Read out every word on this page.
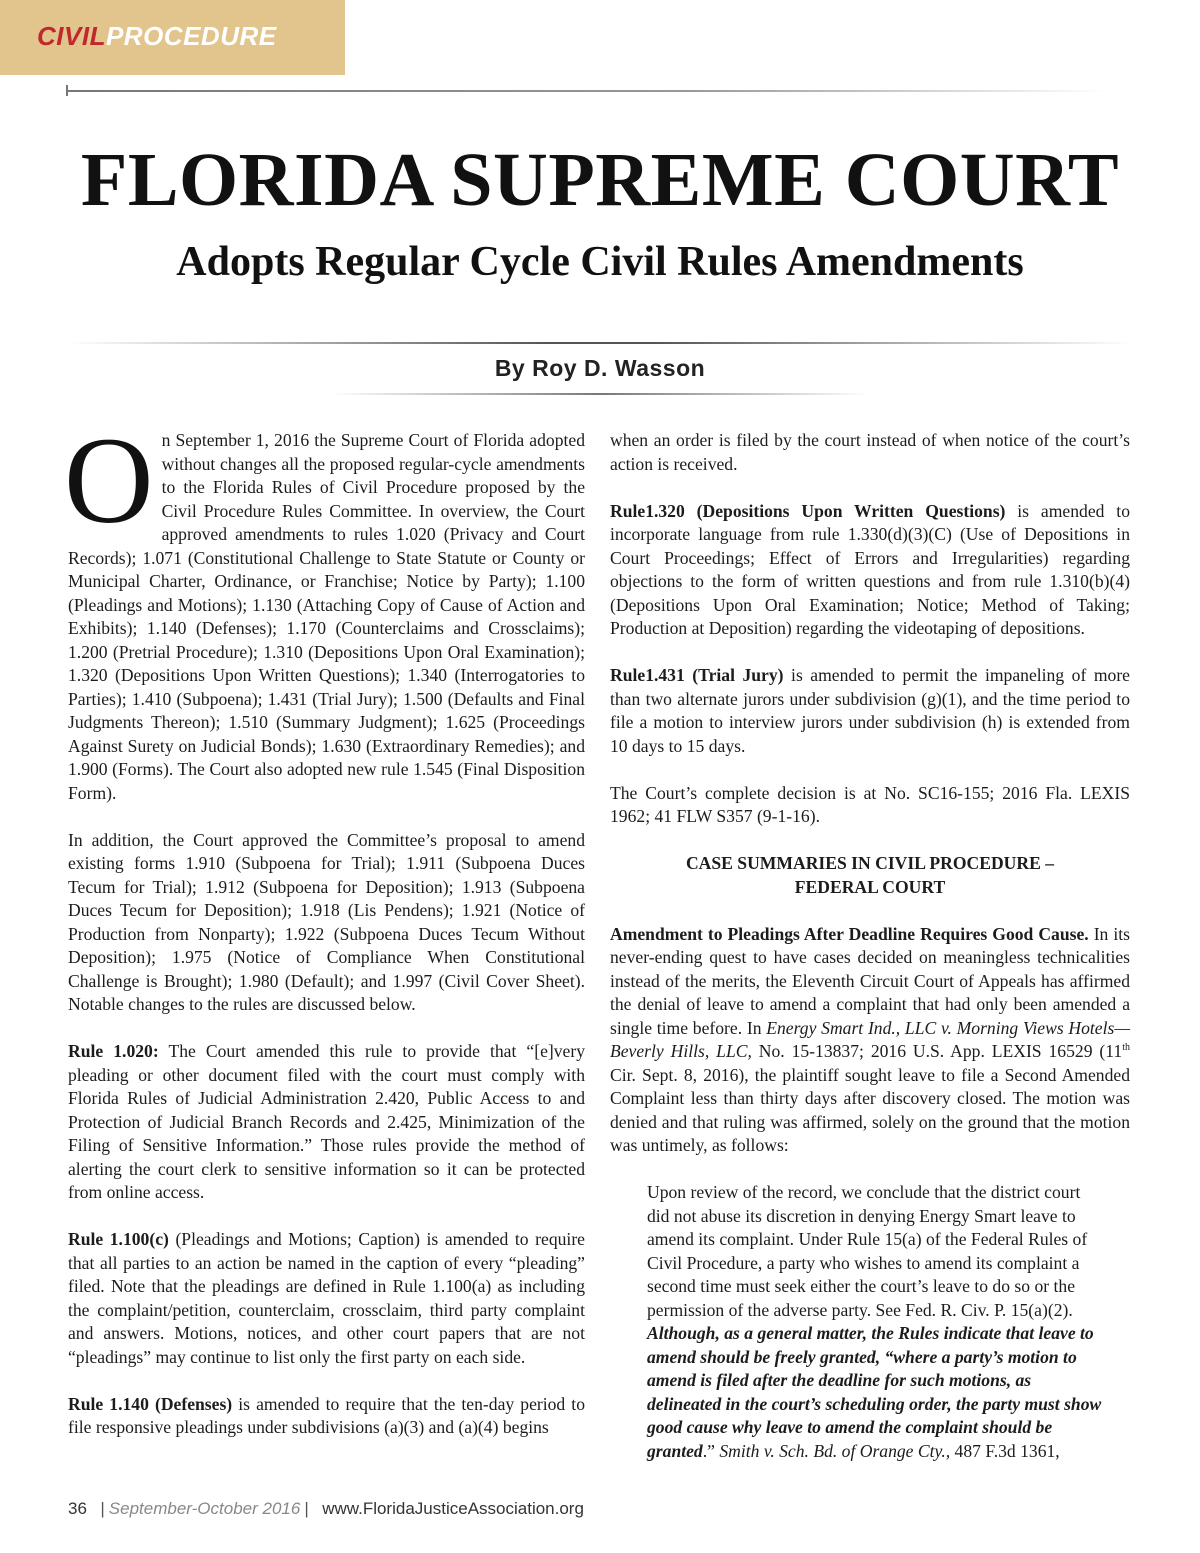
CIVILPROCEDURE

FLORIDA SUPREME COURT
Adopts Regular Cycle Civil Rules Amendments

By Roy D. Wasson

On September 1, 2016 the Supreme Court of Florida adopted without changes all the proposed regular-cycle amendments to the Florida Rules of Civil Procedure proposed by the Civil Procedure Rules Committee. In overview, the Court approved amendments to rules 1.020 (Privacy and Court Records); 1.071 (Constitutional Challenge to State Statute or County or Municipal Charter, Ordinance, or Franchise; Notice by Party); 1.100 (Pleadings and Motions); 1.130 (Attaching Copy of Cause of Action and Exhibits); 1.140 (Defenses); 1.170 (Counterclaims and Crossclaims); 1.200 (Pretrial Procedure); 1.310 (Depositions Upon Oral Examination); 1.320 (Depositions Upon Written Questions); 1.340 (Interrogatories to Parties); 1.410 (Subpoena); 1.431 (Trial Jury); 1.500 (Defaults and Final Judgments Thereon); 1.510 (Summary Judgment); 1.625 (Proceedings Against Surety on Judicial Bonds); 1.630 (Extraordinary Remedies); and 1.900 (Forms). The Court also adopted new rule 1.545 (Final Disposition Form).

In addition, the Court approved the Committee’s proposal to amend existing forms 1.910 (Subpoena for Trial); 1.911 (Subpoena Duces Tecum for Trial); 1.912 (Subpoena for Deposition); 1.913 (Subpoena Duces Tecum for Deposition); 1.918 (Lis Pendens); 1.921 (Notice of Production from Nonparty); 1.922 (Subpoena Duces Tecum Without Deposition); 1.975 (Notice of Compliance When Constitutional Challenge is Brought); 1.980 (Default); and 1.997 (Civil Cover Sheet). Notable changes to the rules are discussed below.

Rule 1.020: The Court amended this rule to provide that “[e]very pleading or other document filed with the court must comply with Florida Rules of Judicial Administration 2.420, Public Access to and Protection of Judicial Branch Records and 2.425, Minimization of the Filing of Sensitive Information.” Those rules provide the method of alerting the court clerk to sensitive information so it can be protected from online access.

Rule 1.100(c) (Pleadings and Motions; Caption) is amended to require that all parties to an action be named in the caption of every “pleading” filed. Note that the pleadings are defined in Rule 1.100(a) as including the complaint/petition, counterclaim, crossclaim, third party complaint and answers. Motions, notices, and other court papers that are not “pleadings” may continue to list only the first party on each side.

Rule 1.140 (Defenses) is amended to require that the ten-day period to file responsive pleadings under subdivisions (a)(3) and (a)(4) begins

when an order is filed by the court instead of when notice of the court’s action is received.

Rule1.320 (Depositions Upon Written Questions) is amended to incorporate language from rule 1.330(d)(3)(C) (Use of Depositions in Court Proceedings; Effect of Errors and Irregularities) regarding objections to the form of written questions and from rule 1.310(b)(4) (Depositions Upon Oral Examination; Notice; Method of Taking; Production at Deposition) regarding the videotaping of depositions.

Rule1.431 (Trial Jury) is amended to permit the impaneling of more than two alternate jurors under subdivision (g)(1), and the time period to file a motion to interview jurors under subdivision (h) is extended from 10 days to 15 days.

The Court’s complete decision is at No. SC16-155; 2016 Fla. LEXIS 1962; 41 FLW S357 (9-1-16).

CASE SUMMARIES IN CIVIL PROCEDURE –
FEDERAL COURT

Amendment to Pleadings After Deadline Requires Good Cause. In its never-ending quest to have cases decided on meaningless technicalities instead of the merits, the Eleventh Circuit Court of Appeals has affirmed the denial of leave to amend a complaint that had only been amended a single time before. In Energy Smart Ind., LLC v. Morning Views Hotels—Beverly Hills, LLC, No. 15-13837; 2016 U.S. App. LEXIS 16529 (11th Cir. Sept. 8, 2016), the plaintiff sought leave to file a Second Amended Complaint less than thirty days after discovery closed. The motion was denied and that ruling was affirmed, solely on the ground that the motion was untimely, as follows:

Upon review of the record, we conclude that the district court did not abuse its discretion in denying Energy Smart leave to amend its complaint. Under Rule 15(a) of the Federal Rules of Civil Procedure, a party who wishes to amend its complaint a second time must seek either the court’s leave to do so or the permission of the adverse party. See Fed. R. Civ. P. 15(a)(2). Although, as a general matter, the Rules indicate that leave to amend should be freely granted, “where a party’s motion to amend is filed after the deadline for such motions, as delineated in the court’s scheduling order, the party must show good cause why leave to amend the complaint should be granted.” Smith v. Sch. Bd. of Orange Cty., 487 F.3d 1361,

36  | September-October 2016 |  www.FloridaJusticeAssociation.org
